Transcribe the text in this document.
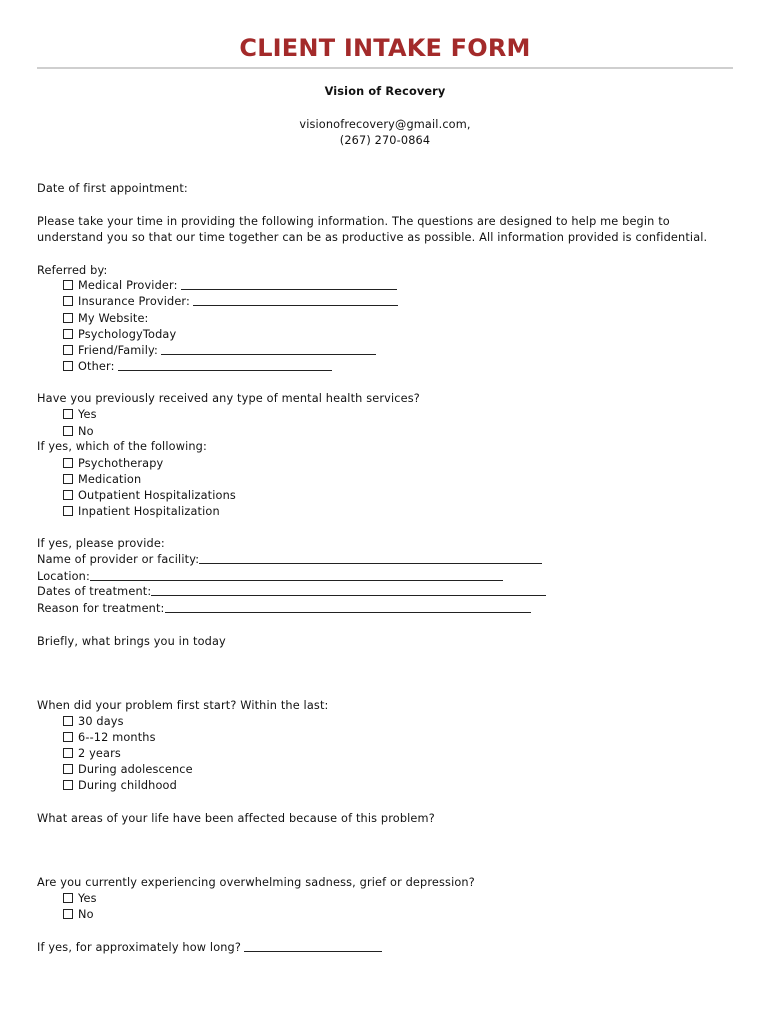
CLIENT INTAKE FORM
Vision of Recovery
visionofrecovery@gmail.com,
(267) 270-0864
Date of first appointment:
Please take your time in providing the following information. The questions are designed to help me begin to
understand you so that our time together can be as productive as possible. All information provided is confidential.
Referred by:
Medical Provider:
Insurance Provider:
My Website:
PsychologyToday
Friend/Family:
Other:
Have you previously received any type of mental health services?
Yes
No
If yes, which of the following:
Psychotherapy
Medication
Outpatient Hospitalizations
Inpatient Hospitalization
If yes, please provide:
Name of provider or facility:
Location:
Dates of treatment:
Reason for treatment:
Briefly, what brings you in today
When did your problem first start? Within the last:
30 days
6--12 months
2 years
During adolescence
During childhood
What areas of your life have been affected because of this problem?
Are you currently experiencing overwhelming sadness, grief or depression?
Yes
No
If yes, for approximately how long?
